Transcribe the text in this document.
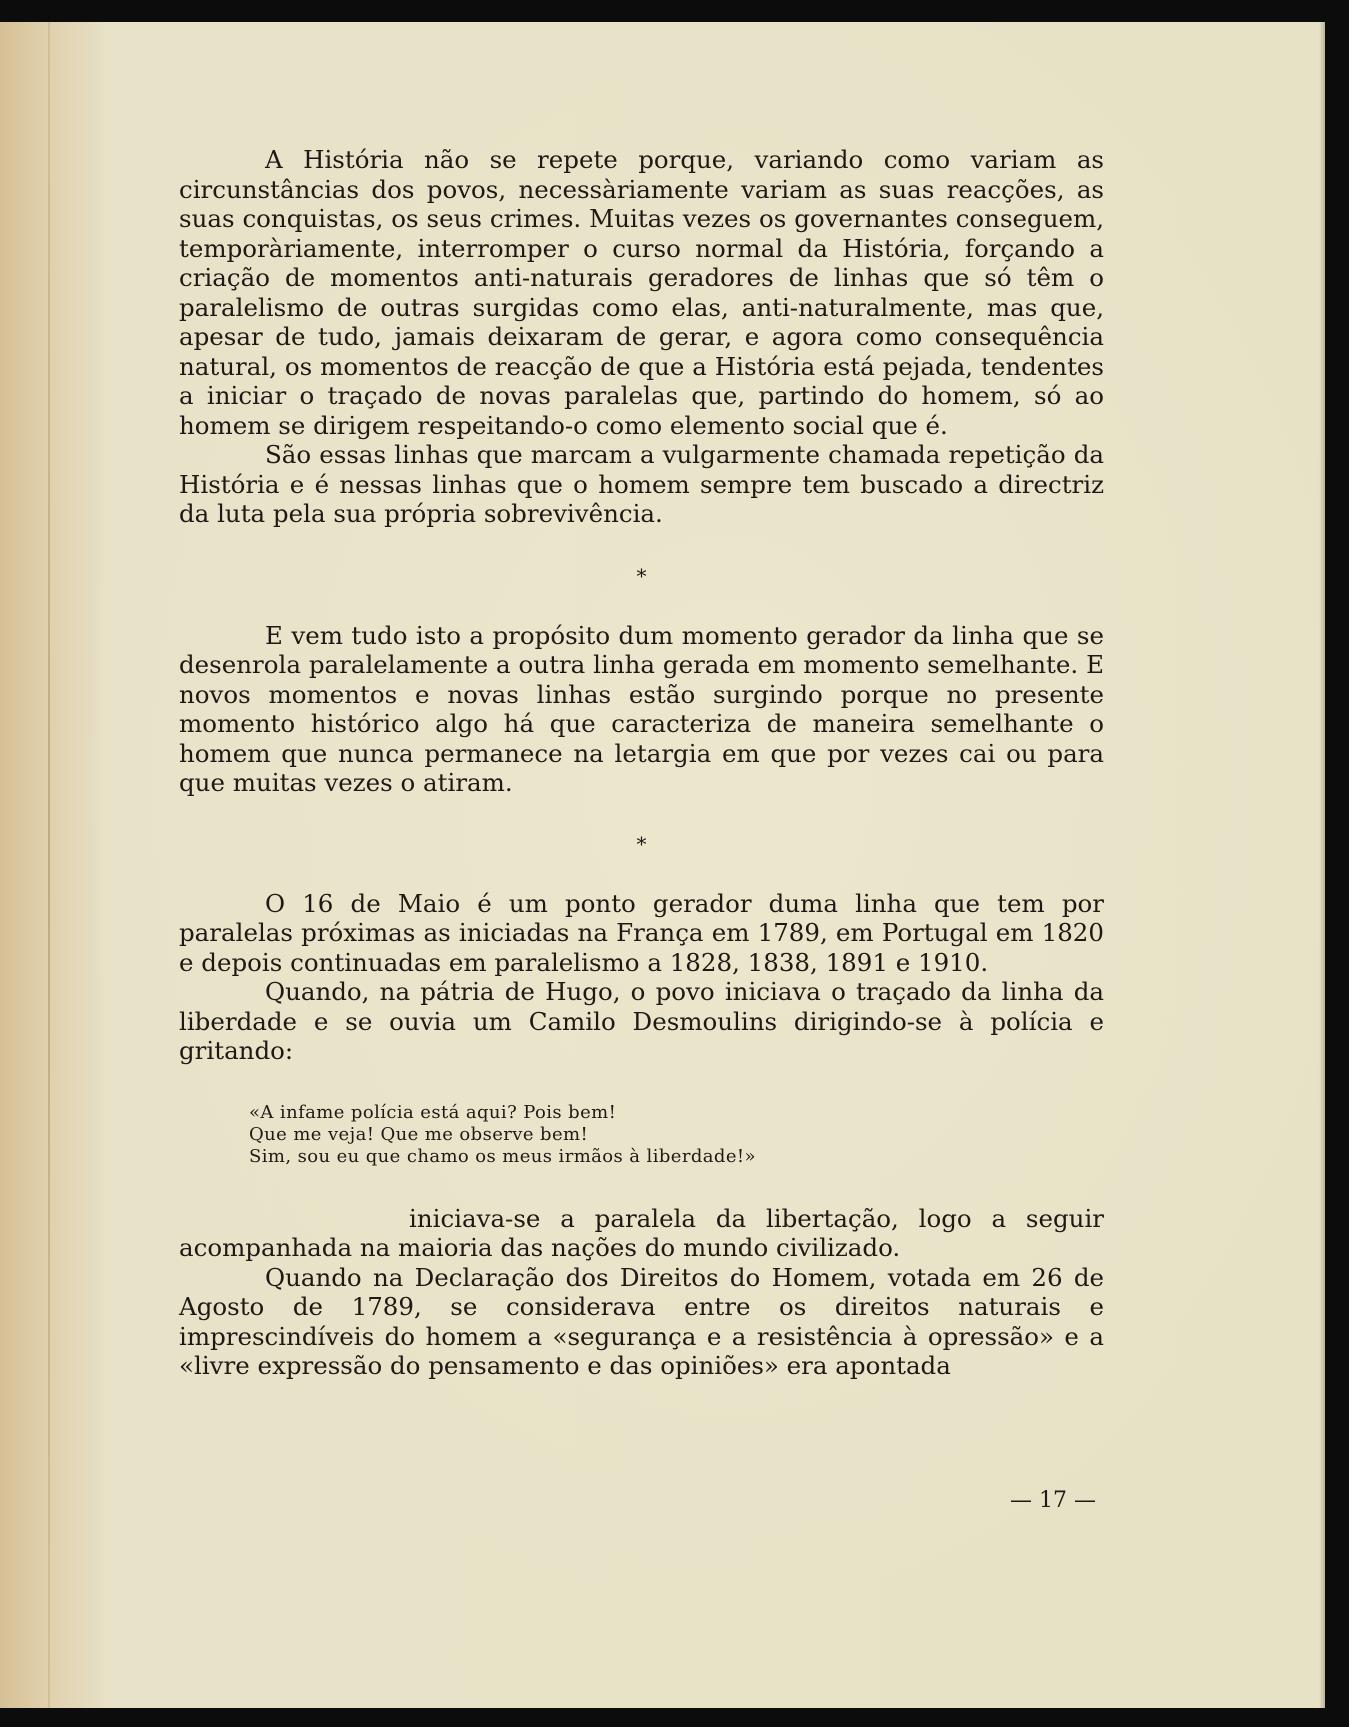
A História não se repete porque, variando como variam as circunstâncias dos povos, necessàriamente variam as suas reacções, as suas conquistas, os seus crimes. Muitas vezes os governantes conseguem, temporàriamente, interromper o curso normal da História, forçando a criação de momentos anti-naturais geradores de linhas que só têm o paralelismo de outras surgidas como elas, anti-naturalmente, mas que, apesar de tudo, jamais deixaram de gerar, e agora como consequência natural, os momentos de reacção de que a História está pejada, tendentes a iniciar o traçado de novas paralelas que, partindo do homem, só ao homem se dirigem respeitando-o como elemento social que é.

São essas linhas que marcam a vulgarmente chamada repetição da História e é nessas linhas que o homem sempre tem buscado a directriz da luta pela sua própria sobrevivência.

*

E vem tudo isto a propósito dum momento gerador da linha que se desenrola paralelamente a outra linha gerada em momento semelhante. E novos momentos e novas linhas estão surgindo porque no presente momento histórico algo há que caracteriza de maneira semelhante o homem que nunca permanece na letargia em que por vezes cai ou para que muitas vezes o atiram.

*

O 16 de Maio é um ponto gerador duma linha que tem por paralelas próximas as iniciadas na França em 1789, em Portugal em 1820 e depois continuadas em paralelismo a 1828, 1838, 1891 e 1910.

Quando, na pátria de Hugo, o povo iniciava o traçado da linha da liberdade e se ouvia um Camilo Desmoulins dirigindo-se à polícia e gritando:

«A infame polícia está aqui? Pois bem!
Que me veja! Que me observe bem!
Sim, sou eu que chamo os meus irmãos à liberdade!»

iniciava-se a paralela da libertação, logo a seguir acompanhada na maioria das nações do mundo civilizado.

Quando na Declaração dos Direitos do Homem, votada em 26 de Agosto de 1789, se considerava entre os direitos naturais e imprescindíveis do homem a «segurança e a resistência à opressão» e a «livre expressão do pensamento e das opiniões» era apontada

— 17 —
